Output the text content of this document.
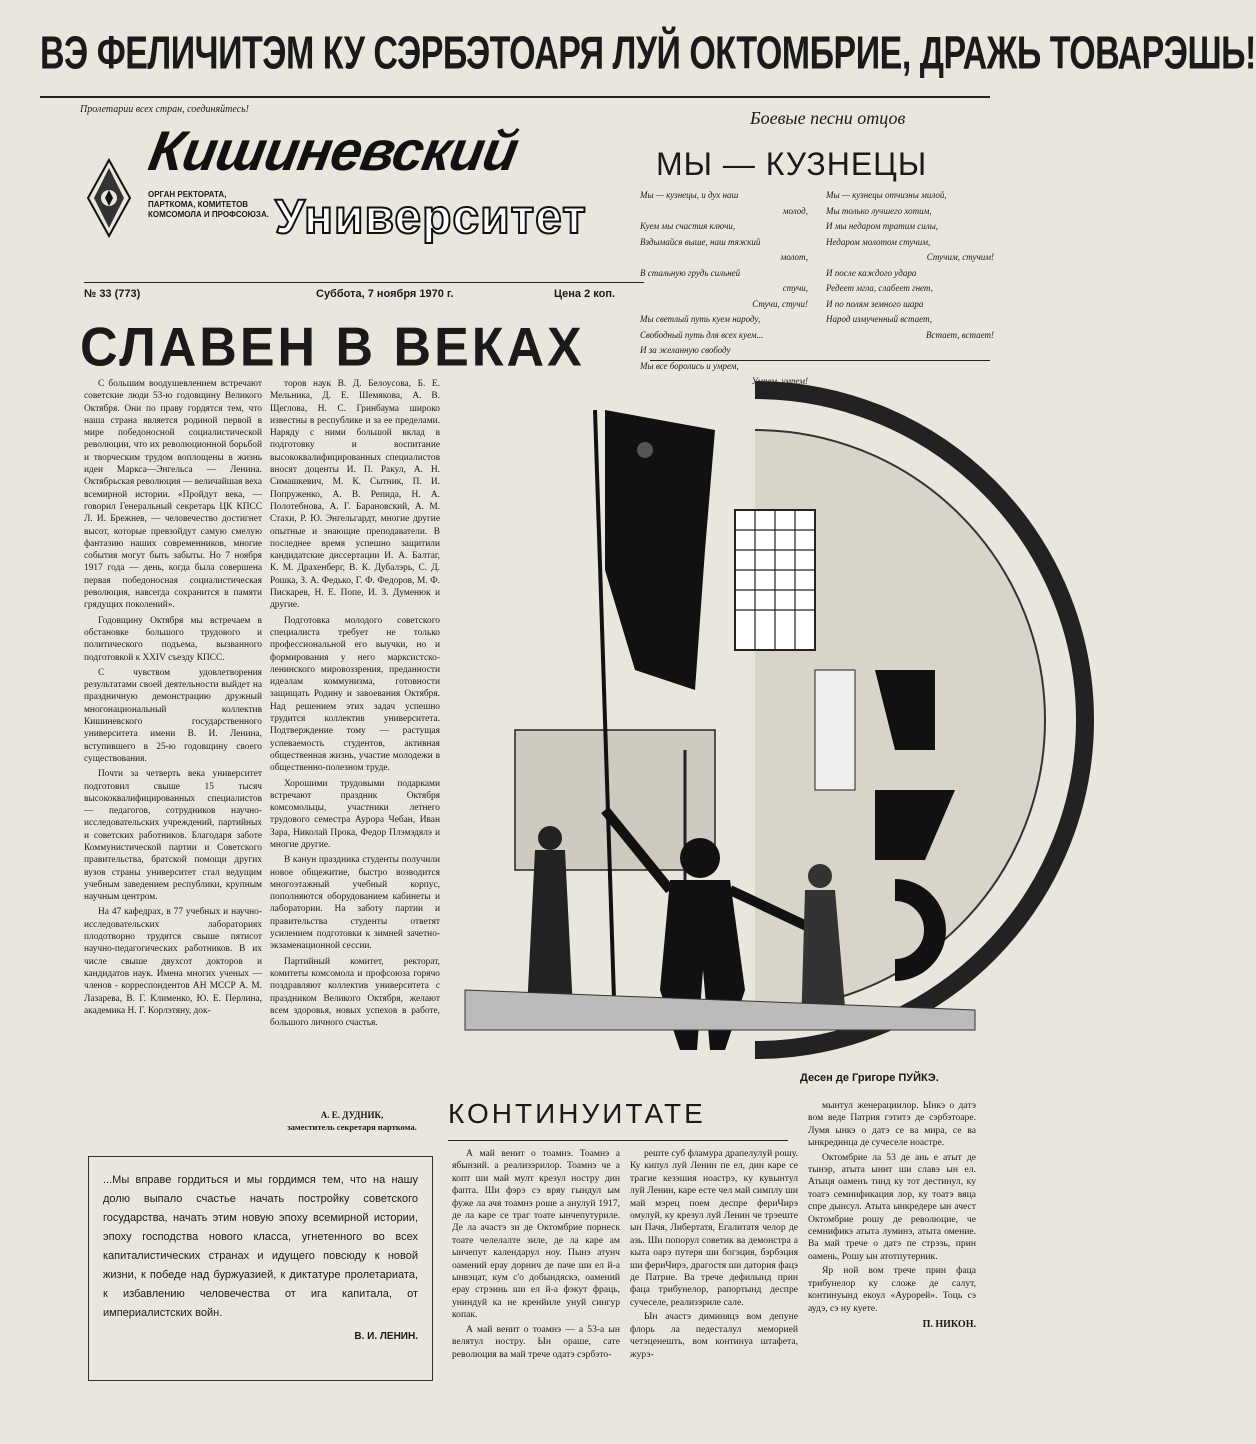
ВЭ ФЕЛИЧИТЭМ КУ СЭРБЭТОАРЯ ЛУЙ ОКТОМБРИЕ, ДРАЖЬ ТОВАРЭШЬ!
Пролетарии всех стран, соединяйтесь!
Кишиневский
ОРГАН РЕКТОРАТА, ПАРТКОМА, КОМИТЕТОВ КОМСОМОЛА И ПРОФСОЮЗА. Университет
№ 33 (773)	Суббота, 7 ноября 1970 г.	Цена 2 коп.
Боевые песни отцов
МЫ — КУЗНЕЦЫ
Мы — кузнецы, и дух наш
молод,
Куем мы счастия ключи,
Вздымайся выше, наш тяжкий
молот,
В стальную грудь сильней
стучи,
Стучи, стучи!
Мы светлый путь куем народу,
Свободный путь для всех куем...
И за желанную свободу
Мы все боролись и умрем,
Умрем, умрем!
Мы — кузнецы отчизны милой,
Мы только лучшего хотим,
И мы недаром тратим силы,
Недаром молотом стучим,
Стучим, стучим!
И после каждого удара
Редеет мгла, слабеет гнет,
И по полям земного шара
Народ измученный встает,
Встает, встает!
СЛАВЕН В ВЕКАХ

С большим воодушевлением встречают советские люди 53-ю годовщину Великого Октября. Они по праву гордятся тем, что наша страна является родиной первой в мире победоносной социалистической революции, что их революционной борьбой и творческим трудом воплощены в жизнь идеи Маркса—Энгельса — Ленина. Октябрьская революция — величайшая веха всемирной истории. «Пройдут века, — говорил Генеральный секретарь ЦК КПСС Л. И. Брежнев, — человечество достигнет высот, которые превзойдут самую смелую фантазию наших современников, многие события могут быть забыты. Но 7 ноября 1917 года — день, когда была совершена первая победоносная социалистическая революция, навсегда сохранится в памяти грядущих поколений».

Годовщину Октября мы встречаем в обстановке большого трудового и политического подъема, вызванного подготовкой к XXIV съезду КПСС.

С чувством удовлетворения результатами своей деятельности выйдет на праздничную демонстрацию дружный многонациональный коллектив Кишиневского государственного университета имени В. И. Ленина, вступившего в 25-ю годовщину своего существования.

Почти за четверть века университет подготовил свыше 15 тысяч высококвалифицированных специалистов — педагогов, сотрудников научно-исследовательских учреждений, партийных и советских работников. Благодаря заботе Коммунистической партии и Советского правительства, братской помощи других вузов страны университет стал ведущим учебным заведением республики, крупным научным центром.

На 47 кафедрах, в 77 учебных и научно-исследовательских лабораториях плодотворно трудятся свыше пятисот научно-педагогических работников. В их числе свыше двухсот докторов и кандидатов наук. Имена многих ученых — членов - корреспондентов АН МССР А. М. Лазарева, В. Г. Клименко, Ю. Е. Перлина, академика Н. Г. Корлэтяну, док-

торов наук В. Д. Белоусова, Б. Е. Мельника, Д. Е. Шемякова, А. В. Щеглова, Н. С. Гринбаума широко известны в республике и за ее пределами. Наряду с ними большой вклад в подготовку и воспитание высококвалифицированных специалистов вносят доценты И. П. Ракул, А. Н. Симашкевич, М. К. Сытник, П. И. Попруженко, А. В. Репида, Н. А. Полотебнова, А. Г. Барановский, А. М. Стахи, Р. Ю. Энгельгардт, многие другие опытные и знающие преподаватели. В последнее время успешно защитили кандидатские диссертации И. А. Балтаг, К. М. Драхенберг, В. К. Дубалэрь, С. Д. Рошка, З. А. Федько, Г. Ф. Федоров, М. Ф. Пискарев, Н. Е. Попе, И. З. Думенюк и другие.

Подготовка молодого советского специалиста требует не только профессиональной его выучки, но и формирования у него марксистско-ленинского мировоззрения, преданности идеалам коммунизма, готовности защищать Родину и завоевания Октября. Над решением этих задач успешно трудится коллектив университета. Подтверждение тому — растущая успеваемость студентов, активная общественная жизнь, участие молодежи в общественно-полезном труде.

Хорошими трудовыми подарками встречают праздник Октября комсомольцы, участники летнего трудового семестра Аурора Чебан, Иван Зара, Николай Прока, Федор Плэмэдялэ и многие другие.

В канун праздника студенты получили новое общежитие, быстро возводится многоэтажный учебный корпус, пополняются оборудованием кабинеты и лаборатории. На заботу партии и правительства студенты ответят усилением подготовки к зимней зачетно-экзаменационной сессии.

Партийный комитет, ректорат, комитеты комсомола и профсоюза горячо поздравляют коллектив университета с праздником Великого Октября, желают всем здоровья, новых успехов в работе, большого личного счастья.

Десен де Григоре ПУЙКЭ.
А. Е. ДУДНИК,
заместитель секретаря парткома.
...Мы вправе гордиться и мы гордимся тем, что на нашу долю выпало счастье начать постройку советского государства, начать этим новую эпоху всемирной истории, эпоху господства нового класса, угнетенного во всех капиталистических странах и идущего повсюду к новой жизни, к победе над буржуазией, к диктатуре пролетариата, к избавлению человечества от ига капитала, от империалистских войн.
В. И. ЛЕНИН.
КОНТИНУИТАТЕ

А май венит о тоамнэ. Тоамнэ а ябынзий. а реализэрилор. Тоамнэ че а копт ши май мулт крезул нострy дин фапта. Ши фэрэ сэ вряу гындул ым фуже ла ачя тоамнэ роше а анулуй 1917, де ла каре се траг тоате ынчепутуриле. Де ла ачастэ зи де Октомбрие порнеск тоате челелалте зиле, де ла каре ам ынчепут календарул ноу. Пынэ атунч оамений ерау дорнич де паче ши ел й-а ынвэцат, кум с'о добындяскэ, оамений ерау стрэинь ши ел й-а фэкут фраць, униндуй ка не кренйиле унуй сингур копак.

А май венит о тоамнэ — а 53-а ын велятул нострy. Ын ораше, сате революция ва май трече одатэ сэрбэто-

реште суб фламура драпелулуй рошу. Ку кипул луй Ленин пе ел, дин каре се трагие кезэшия ноастрэ, ку кувынтул луй Ленин, каре есте чел май симплу ши май мэрец поем деспре фериЧирэ омулуй, ку крезул луй Ленин че трэеште ын Пачя, Либертатя, Егалитатя челор де азь. Ши попорул советик ва демонстра а кыта оарэ путеря ши богэция, бэрбэция ши фериЧирэ, драгостя ши датория фацэ де Патрие. Ва трече дефилынд прин фаца трибунелор, рапортынд деспре сучеселе, реализэриле сале.

Ын ачастэ диминяцэ вом депуне флорь ла педесталул мемориeй четэценешть, вом континуа штафета, журэ-

мынтул женерациилор. Ынкэ о датэ вом веде Патрия гэтитэ де сэрбэтоаре. Лумя ынкэ о датэ се ва мира, се ва ынкрединца де сучеселе ноастре.

Октомбрие ла 53 де ань е атыт де тынэр, атыта ынит ши славэ ын ел. Атыця оаменъ тинд ку тот дестинул, ку тоатэ семнификация лор, ку тоатэ вяца спре дынсул. Атыта ынкредере ын ачест Октомбрие рошу де революцие, че семнификэ атыта луминэ, атыта омение. Ва май трече о датэ пе стрэзь, прин оамень, Рошу ын атотпутерник.

Яр ной вом трече прин фаца трибунелор ку сложе де салут, континуынд екоул «Аурорей». Тоць сэ аудэ, сэ ну куете.

П. НИКОН.
